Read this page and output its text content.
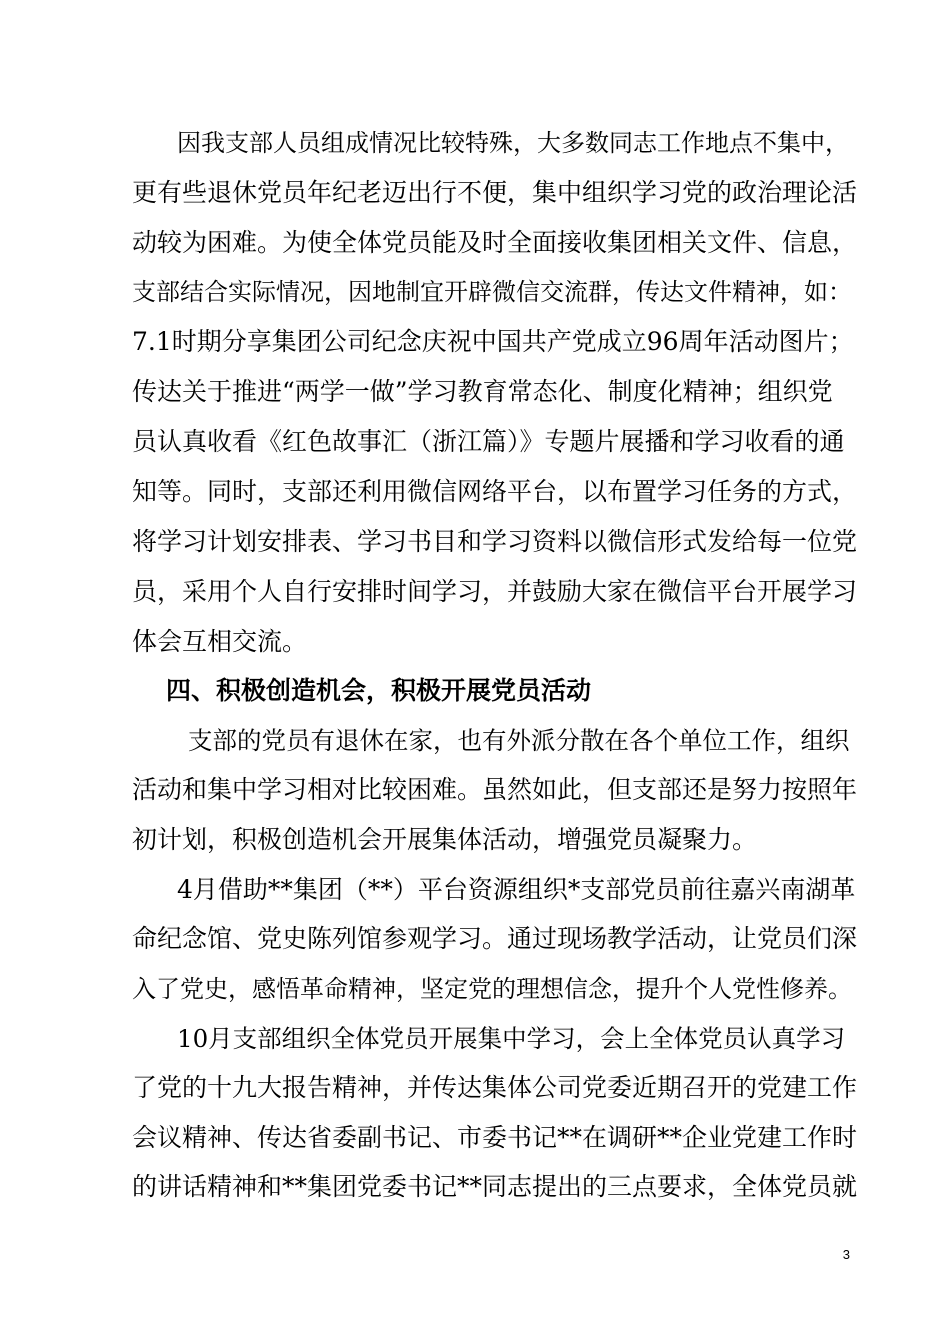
因我支部人员组成情况比较特殊，大多数同志工作地点不集中，
更有些退休党员年纪老迈出行不便，集中组织学习党的政治理论活
动较为困难。为使全体党员能及时全面接收集团相关文件、信息，
支部结合实际情况，因地制宜开辟微信交流群，传达文件精神，如：
7.1时期分享集团公司纪念庆祝中国共产党成立96周年活动图片；
传达关于推进“两学一做”学习教育常态化、制度化精神；组织党
员认真收看《红色故事汇（浙江篇）》专题片展播和学习收看的通
知等。同时，支部还利用微信网络平台，以布置学习任务的方式，
将学习计划安排表、学习书目和学习资料以微信形式发给每一位党
员，采用个人自行安排时间学习，并鼓励大家在微信平台开展学习
体会互相交流。
四、积极创造机会，积极开展党员活动
支部的党员有退休在家，也有外派分散在各个单位工作，组织
活动和集中学习相对比较困难。虽然如此，但支部还是努力按照年
初计划，积极创造机会开展集体活动，增强党员凝聚力。
4月借助**集团（**）平台资源组织*支部党员前往嘉兴南湖革
命纪念馆、党史陈列馆参观学习。通过现场教学活动，让党员们深
入了党史，感悟革命精神，坚定党的理想信念，提升个人党性修养。
10月支部组织全体党员开展集中学习，会上全体党员认真学习
了党的十九大报告精神，并传达集体公司党委近期召开的党建工作
会议精神、传达省委副书记、市委书记**在调研**企业党建工作时
的讲话精神和**集团党委书记**同志提出的三点要求，全体党员就
3
